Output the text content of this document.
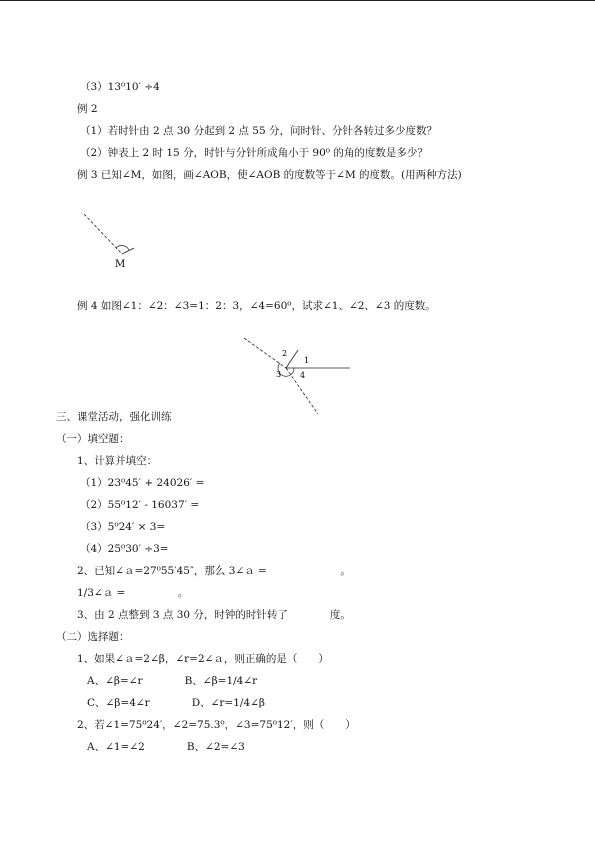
（3）13⁰10′ ÷4
例 2
（1）若时针由 2 点 30 分起到 2 点 55 分，问时针、分针各转过多少度数？
（2）钟表上 2 时 15 分，时针与分针所成角小于 90⁰ 的角的度数是多少？
例 3 已知∠M，如图，画∠AOB，使∠AOB 的度数等于∠M 的度数。(用两种方法)
M
例 4 如图∠1：∠2：∠3=1：2：3，∠4=60⁰，试求∠1、∠2、∠3 的度数。
2
1
3 4
三、课堂活动，强化训练
（一）填空题：
1、计算并填空：
（1）23⁰45′ + 24026′ =
（2）55⁰12′ - 16037′ =
（3）5⁰24′ × 3=
（4）25⁰30′ ÷3=
2、已知∠ａ=27⁰55′45″，那么 3∠ａ =　　　　　　　。
1/3∠ａ =　　　　　。
3、由 2 点整到 3 点 30 分，时钟的时针转了　　　　度。
（二）选择题：
1、如果∠ａ=2∠β，∠r=2∠ａ，则正确的是（　　）
A、∠β=∠r　　　　B、∠β=1/4∠r
C、∠β=4∠r　　　　D、∠r=1/4∠β
2、若∠1=75⁰24′，∠2=75.3⁰，∠3=75⁰12′，则（　　）
A、∠1=∠2　　　　B、∠2=∠3
